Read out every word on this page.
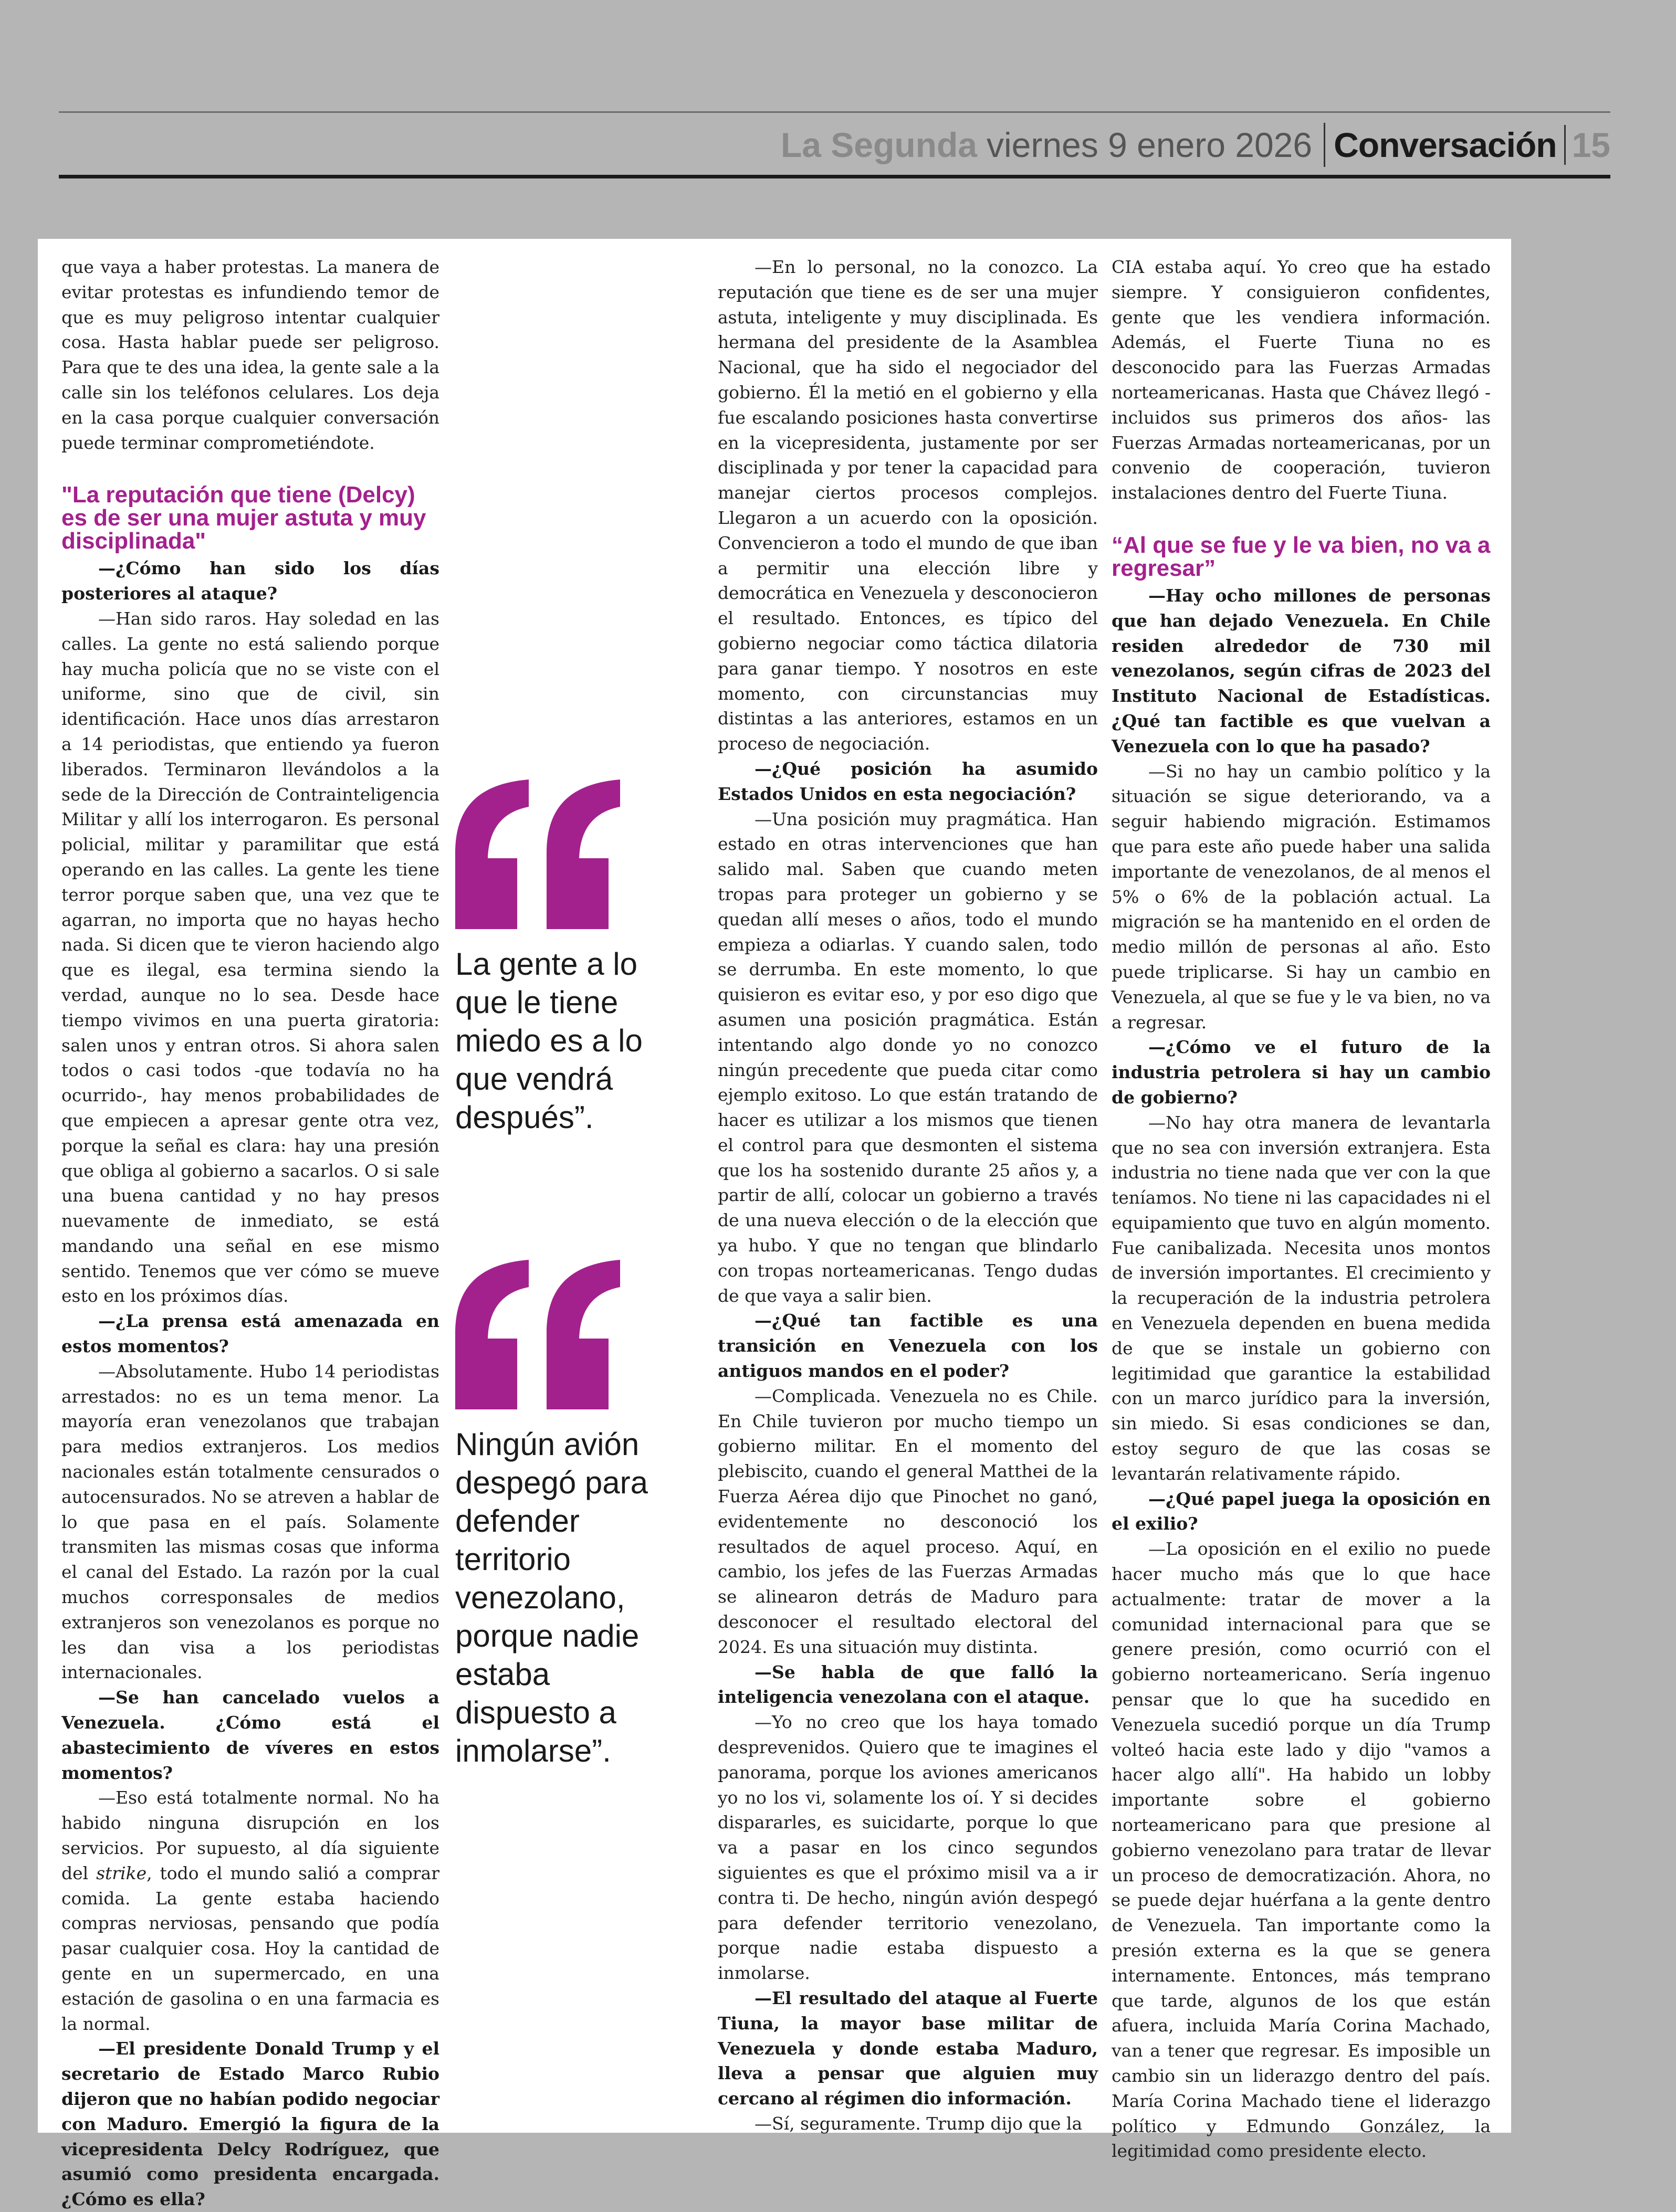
La Segunda viernes 9 enero 2026 Conversación 15

que vaya a haber protestas. La manera de evitar protestas es infundiendo temor de que es muy peligroso intentar cualquier cosa. Hasta hablar puede ser peligroso. Para que te des una idea, la gente sale a la calle sin los teléfonos celulares. Los deja en la casa porque cualquier conversación puede terminar comprometiéndote.

"La reputación que tiene (Delcy) es de ser una mujer astuta y muy disciplinada"

—¿Cómo han sido los días posteriores al ataque?

—Han sido raros. Hay soledad en las calles. La gente no está saliendo porque hay mucha policía que no se viste con el uniforme, sino que de civil, sin identificación. Hace unos días arrestaron a 14 periodistas, que entiendo ya fueron liberados. Terminaron llevándolos a la sede de la Dirección de Contrainteligencia Militar y allí los interrogaron. Es personal policial, militar y paramilitar que está operando en las calles. La gente les tiene terror porque saben que, una vez que te agarran, no importa que no hayas hecho nada. Si dicen que te vieron haciendo algo que es ilegal, esa termina siendo la verdad, aunque no lo sea. Desde hace tiempo vivimos en una puerta giratoria: salen unos y entran otros. Si ahora salen todos o casi todos -que todavía no ha ocurrido-, hay menos probabilidades de que empiecen a apresar gente otra vez, porque la señal es clara: hay una presión que obliga al gobierno a sacarlos. O si sale una buena cantidad y no hay presos nuevamente de inmediato, se está mandando una señal en ese mismo sentido. Tenemos que ver cómo se mueve esto en los próximos días.

—¿La prensa está amenazada en estos momentos?

—Absolutamente. Hubo 14 periodistas arrestados: no es un tema menor. La mayoría eran venezolanos que trabajan para medios extranjeros. Los medios nacionales están totalmente censurados o autocensurados. No se atreven a hablar de lo que pasa en el país. Solamente transmiten las mismas cosas que informa el canal del Estado. La razón por la cual muchos corresponsales de medios extranjeros son venezolanos es porque no les dan visa a los periodistas internacionales.

—Se han cancelado vuelos a Venezuela. ¿Cómo está el abastecimiento de víveres en estos momentos?

—Eso está totalmente normal. No ha habido ninguna disrupción en los servicios. Por supuesto, al día siguiente del strike, todo el mundo salió a comprar comida. La gente estaba haciendo compras nerviosas, pensando que podía pasar cualquier cosa. Hoy la cantidad de gente en un supermercado, en una estación de gasolina o en una farmacia es la normal.

—El presidente Donald Trump y el secretario de Estado Marco Rubio dijeron que no habían podido negociar con Maduro. Emergió la figura de la vicepresidenta Delcy Rodríguez, que asumió como presidenta encargada. ¿Cómo es ella?

La gente a lo que le tiene miedo es a lo que vendrá después”.
Ningún avión despegó para defender territorio venezolano, porque nadie estaba dispuesto a inmolarse”.

—En lo personal, no la conozco. La reputación que tiene es de ser una mujer astuta, inteligente y muy disciplinada. Es hermana del presidente de la Asamblea Nacional, que ha sido el negociador del gobierno. Él la metió en el gobierno y ella fue escalando posiciones hasta convertirse en la vicepresidenta, justamente por ser disciplinada y por tener la capacidad para manejar ciertos procesos complejos. Llegaron a un acuerdo con la oposición. Convencieron a todo el mundo de que iban a permitir una elección libre y democrática en Venezuela y desconocieron el resultado. Entonces, es típico del gobierno negociar como táctica dilatoria para ganar tiempo. Y nosotros en este momento, con circunstancias muy distintas a las anteriores, estamos en un proceso de negociación.

—¿Qué posición ha asumido Estados Unidos en esta negociación?

—Una posición muy pragmática. Han estado en otras intervenciones que han salido mal. Saben que cuando meten tropas para proteger un gobierno y se quedan allí meses o años, todo el mundo empieza a odiarlas. Y cuando salen, todo se derrumba. En este momento, lo que quisieron es evitar eso, y por eso digo que asumen una posición pragmática. Están intentando algo donde yo no conozco ningún precedente que pueda citar como ejemplo exitoso. Lo que están tratando de hacer es utilizar a los mismos que tienen el control para que desmonten el sistema que los ha sostenido durante 25 años y, a partir de allí, colocar un gobierno a través de una nueva elección o de la elección que ya hubo. Y que no tengan que blindarlo con tropas norteamericanas. Tengo dudas de que vaya a salir bien.

—¿Qué tan factible es una transición en Venezuela con los antiguos mandos en el poder?

—Complicada. Venezuela no es Chile. En Chile tuvieron por mucho tiempo un gobierno militar. En el momento del plebiscito, cuando el general Matthei de la Fuerza Aérea dijo que Pinochet no ganó, evidentemente no desconoció los resultados de aquel proceso. Aquí, en cambio, los jefes de las Fuerzas Armadas se alinearon detrás de Maduro para desconocer el resultado electoral del 2024. Es una situación muy distinta.

—Se habla de que falló la inteligencia venezolana con el ataque.

—Yo no creo que los haya tomado desprevenidos. Quiero que te imagines el panorama, porque los aviones americanos yo no los vi, solamente los oí. Y si decides dispararles, es suicidarte, porque lo que va a pasar en los cinco segundos siguientes es que el próximo misil va a ir contra ti. De hecho, ningún avión despegó para defender territorio venezolano, porque nadie estaba dispuesto a inmolarse.

—El resultado del ataque al Fuerte Tiuna, la mayor base militar de Venezuela y donde estaba Maduro, lleva a pensar que alguien muy cercano al régimen dio información.

—Sí, seguramente. Trump dijo que la

CIA estaba aquí. Yo creo que ha estado siempre. Y consiguieron confidentes, gente que les vendiera información. Además, el Fuerte Tiuna no es desconocido para las Fuerzas Armadas norteamericanas. Hasta que Chávez llegó -incluidos sus primeros dos años- las Fuerzas Armadas norteamericanas, por un convenio de cooperación, tuvieron instalaciones dentro del Fuerte Tiuna.

“Al que se fue y le va bien, no va a regresar”

—Hay ocho millones de personas que han dejado Venezuela. En Chile residen alrededor de 730 mil venezolanos, según cifras de 2023 del Instituto Nacional de Estadísticas. ¿Qué tan factible es que vuelvan a Venezuela con lo que ha pasado?

—Si no hay un cambio político y la situación se sigue deteriorando, va a seguir habiendo migración. Estimamos que para este año puede haber una salida importante de venezolanos, de al menos el 5% o 6% de la población actual. La migración se ha mantenido en el orden de medio millón de personas al año. Esto puede triplicarse. Si hay un cambio en Venezuela, al que se fue y le va bien, no va a regresar.

—¿Cómo ve el futuro de la industria petrolera si hay un cambio de gobierno?

—No hay otra manera de levantarla que no sea con inversión extranjera. Esta industria no tiene nada que ver con la que teníamos. No tiene ni las capacidades ni el equipamiento que tuvo en algún momento. Fue canibalizada. Necesita unos montos de inversión importantes. El crecimiento y la recuperación de la industria petrolera en Venezuela dependen en buena medida de que se instale un gobierno con legitimidad que garantice la estabilidad con un marco jurídico para la inversión, sin miedo. Si esas condiciones se dan, estoy seguro de que las cosas se levantarán relativamente rápido.

—¿Qué papel juega la oposición en el exilio?

—La oposición en el exilio no puede hacer mucho más que lo que hace actualmente: tratar de mover a la comunidad internacional para que se genere presión, como ocurrió con el gobierno norteamericano. Sería ingenuo pensar que lo que ha sucedido en Venezuela sucedió porque un día Trump volteó hacia este lado y dijo "vamos a hacer algo allí". Ha habido un lobby importante sobre el gobierno norteamericano para que presione al gobierno venezolano para tratar de llevar un proceso de democratización. Ahora, no se puede dejar huérfana a la gente dentro de Venezuela. Tan importante como la presión externa es la que se genera internamente. Entonces, más temprano que tarde, algunos de los que están afuera, incluida María Corina Machado, van a tener que regresar. Es imposible un cambio sin un liderazgo dentro del país. María Corina Machado tiene el liderazgo político y Edmundo González, la legitimidad como presidente electo.
